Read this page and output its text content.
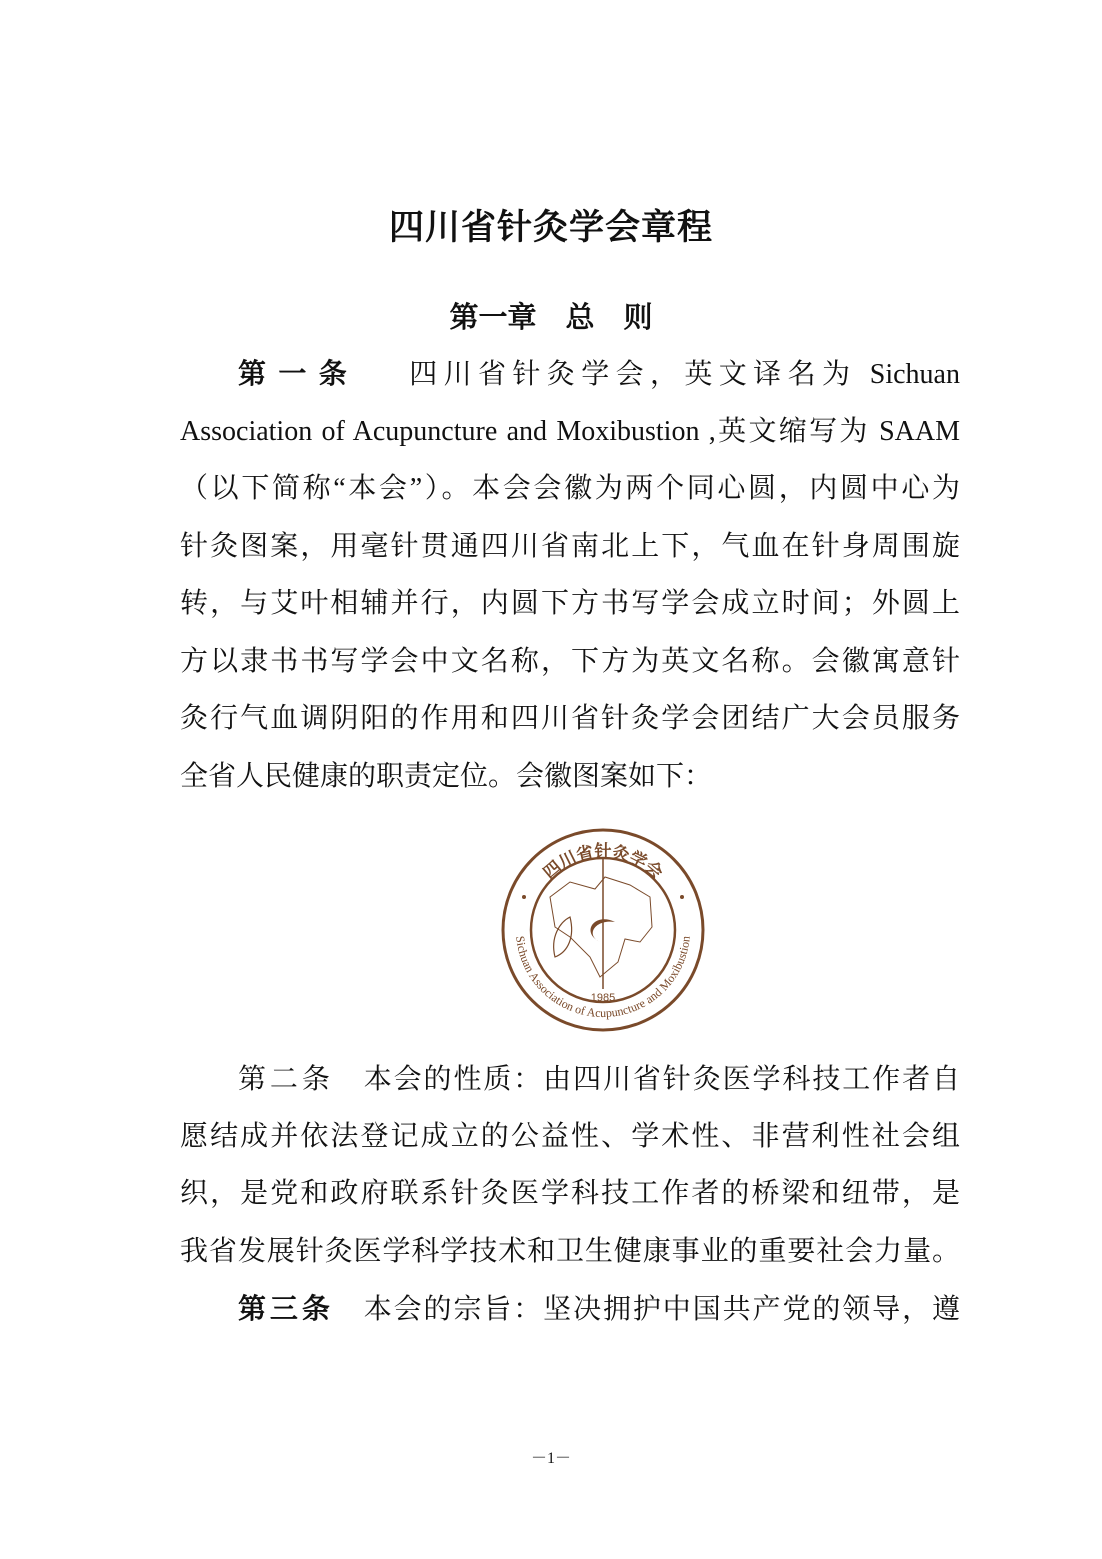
四川省针灸学会章程
第一章　总　则
第一条 四川省针灸学会，英文译名为 Sichuan
Association of Acupuncture and Moxibustion ,英文缩写为 SAAM
（以下简称“本会”）。本会会徽为两个同心圆，内圆中心为
针灸图案，用毫针贯通四川省南北上下，气血在针身周围旋
转，与艾叶相辅并行，内圆下方书写学会成立时间；外圆上
方以隶书书写学会中文名称，下方为英文名称。会徽寓意针
灸行气血调阴阳的作用和四川省针灸学会团结广大会员服务
全省人民健康的职责定位。会徽图案如下：
四川省针灸学会
Sichuan Association of Acupuncture and Moxibustion
1985
第二条 本会的性质：由四川省针灸医学科技工作者自
愿结成并依法登记成立的公益性、学术性、非营利性社会组
织，是党和政府联系针灸医学科技工作者的桥梁和纽带，是
我省发展针灸医学科学技术和卫生健康事业的重要社会力量。
第三条 本会的宗旨：坚决拥护中国共产党的领导，遵
－1－
